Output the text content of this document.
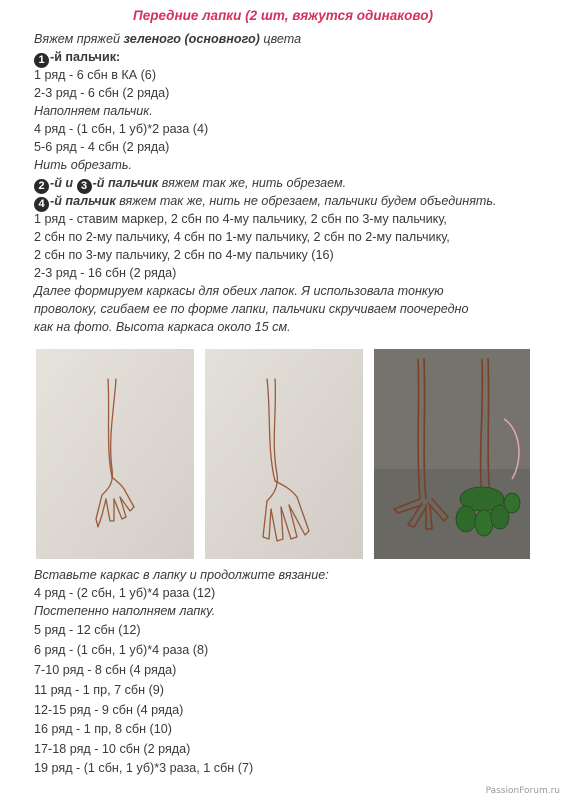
Передние лапки (2 шт, вяжутся одинаково)
Вяжем пряжей зеленого (основного) цвета
1 -й пальчик:
1 ряд - 6 сбн в КА (6)
2-3 ряд - 6 сбн (2 ряда)
Наполняем пальчик.
4 ряд - (1 сбн, 1 уб)*2 раза (4)
5-6 ряд - 4 сбн (2 ряда)
Нить обрезать.
2 -й и 3 -й пальчик вяжем так же, нить обрезаем.
4 -й пальчик вяжем так же, нить не обрезаем, пальчики будем объединять.
1 ряд - ставим маркер, 2 сбн по 4-му пальчику, 2 сбн по 3-му пальчику,
2 сбн по 2-му пальчику, 4 сбн по 1-му пальчику, 2 сбн по 2-му пальчику,
2 сбн по 3-му пальчику, 2 сбн по 4-му пальчику (16)
2-3 ряд - 16 сбн (2 ряда)
Далее формируем каркасы для обеих лапок. Я использовала тонкую
проволоку, сгибаем ее по форме лапки, пальчики скручиваем поочередно
как на фото. Высота каркаса около 15 см.
Вставьте каркас в лапку и продолжите вязание:
4 ряд - (2 сбн, 1 уб)*4 раза (12)
Постепенно наполняем лапку.
5 ряд - 12 сбн (12)
6 ряд - (1 сбн, 1 уб)*4 раза (8)
7-10 ряд - 8 сбн (4 ряда)
11 ряд - 1 пр, 7 сбн (9)
12-15 ряд - 9 сбн (4 ряда)
16 ряд - 1 пр, 8 сбн (10)
17-18 ряд - 10 сбн (2 ряда)
19 ряд - (1 сбн, 1 уб)*3 раза, 1 сбн (7)
PassionForum.ru
